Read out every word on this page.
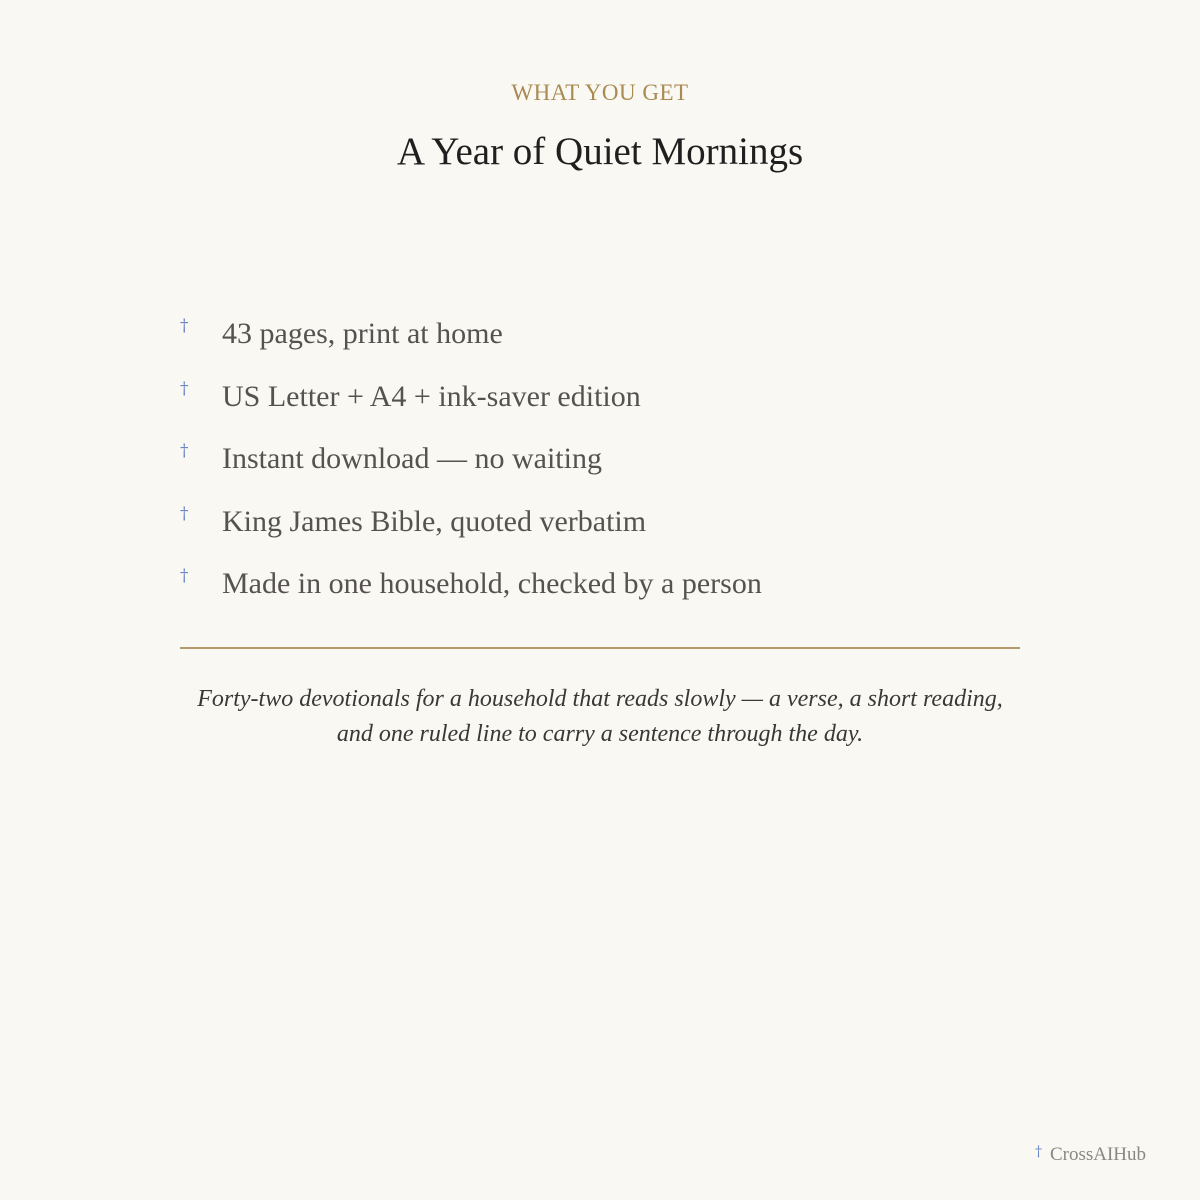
WHAT YOU GET
A Year of Quiet Mornings
† 43 pages, print at home
† US Letter + A4 + ink-saver edition
† Instant download — no waiting
† King James Bible, quoted verbatim
† Made in one household, checked by a person

Forty-two devotionals for a household that reads slowly — a verse, a short reading, and one ruled line to carry a sentence through the day.

† CrossAIHub
